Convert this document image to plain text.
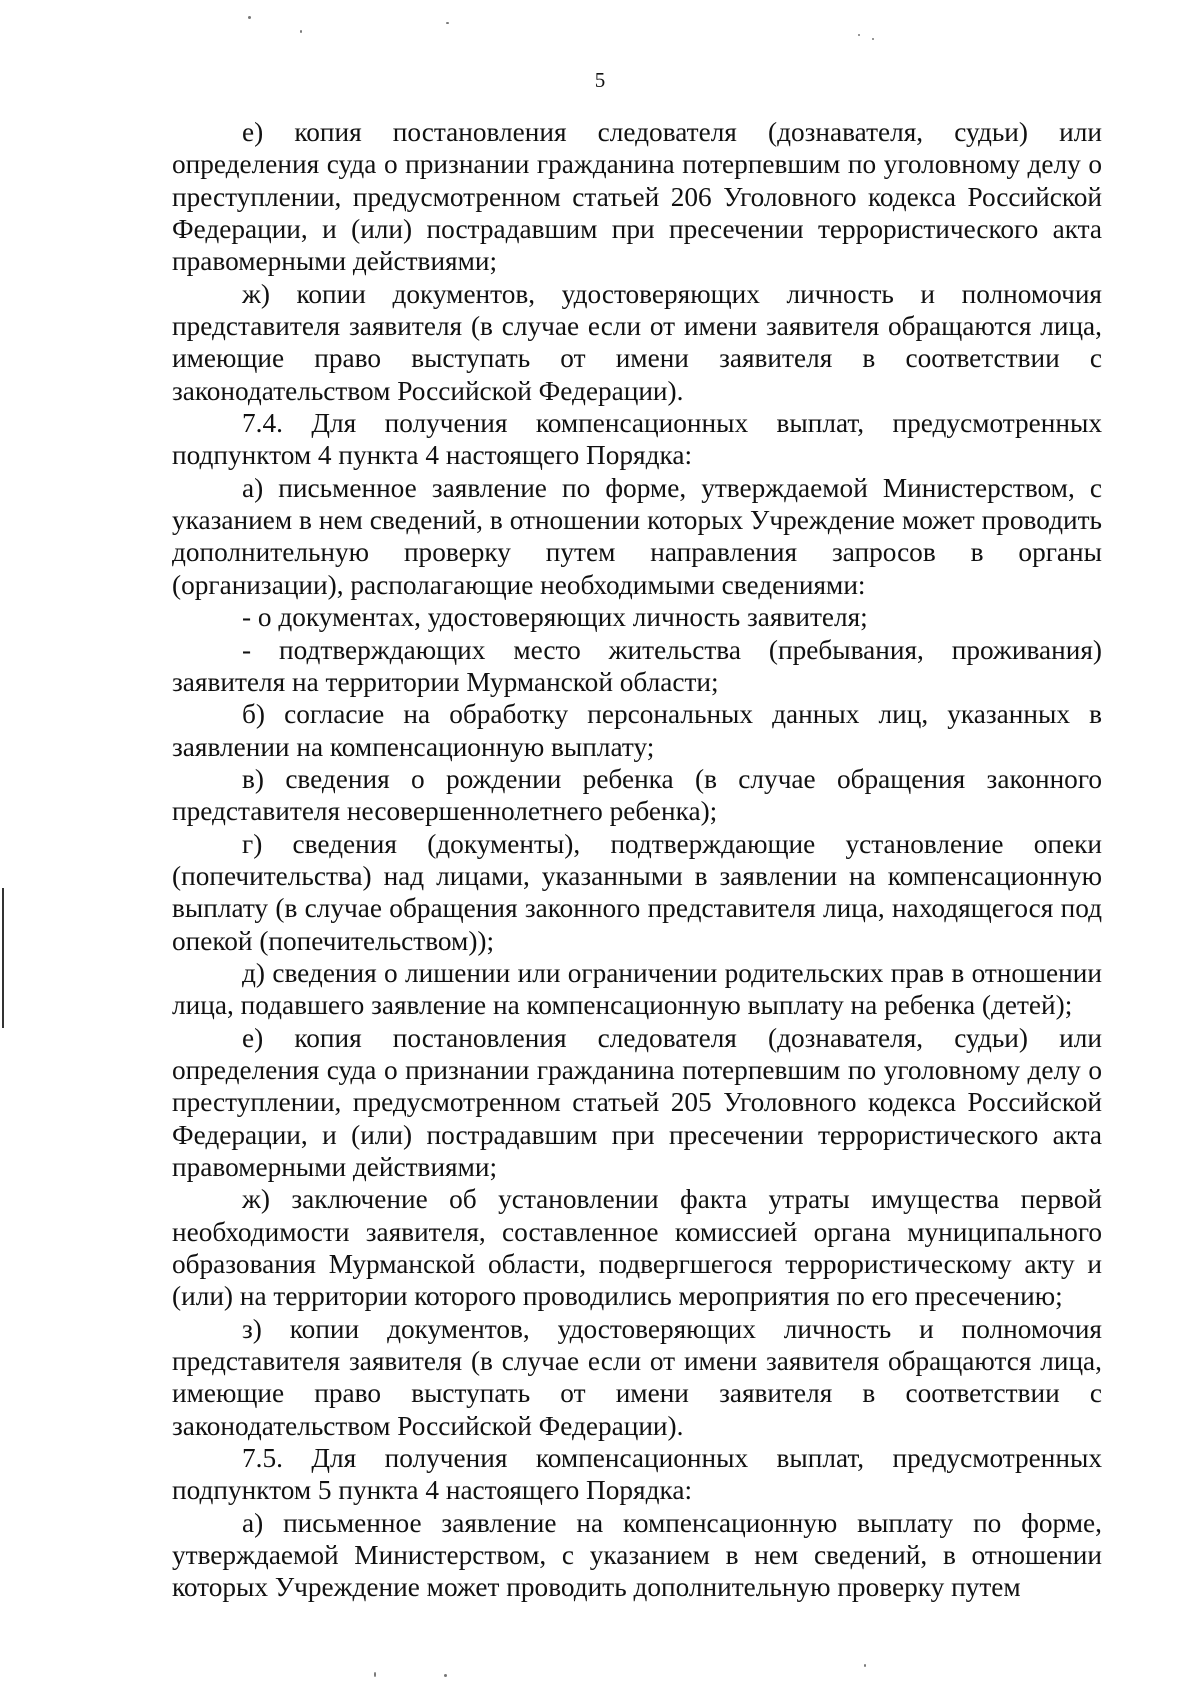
5

е) копия постановления следователя (дознавателя, судьи) или определения суда о признании гражданина потерпевшим по уголовному делу о преступлении, предусмотренном статьей 206 Уголовного кодекса Российской Федерации, и (или) пострадавшим при пресечении террористического акта правомерными действиями;

ж) копии документов, удостоверяющих личность и полномочия представителя заявителя (в случае если от имени заявителя обращаются лица, имеющие право выступать от имени заявителя в соответствии с законодательством Российской Федерации).

7.4. Для получения компенсационных выплат, предусмотренных подпунктом 4 пункта 4 настоящего Порядка:

а) письменное заявление по форме, утверждаемой Министерством, с указанием в нем сведений, в отношении которых Учреждение может проводить дополнительную проверку путем направления запросов в органы (организации), располагающие необходимыми сведениями:

- о документах, удостоверяющих личность заявителя;

- подтверждающих место жительства (пребывания, проживания) заявителя на территории Мурманской области;

б) согласие на обработку персональных данных лиц, указанных в заявлении на компенсационную выплату;

в) сведения о рождении ребенка (в случае обращения законного представителя несовершеннолетнего ребенка);

г) сведения (документы), подтверждающие установление опеки (попечительства) над лицами, указанными в заявлении на компенсационную выплату (в случае обращения законного представителя лица, находящегося под опекой (попечительством));

д) сведения о лишении или ограничении родительских прав в отношении лица, подавшего заявление на компенсационную выплату на ребенка (детей);

е) копия постановления следователя (дознавателя, судьи) или определения суда о признании гражданина потерпевшим по уголовному делу о преступлении, предусмотренном статьей 205 Уголовного кодекса Российской Федерации, и (или) пострадавшим при пресечении террористического акта правомерными действиями;

ж) заключение об установлении факта утраты имущества первой необходимости заявителя, составленное комиссией органа муниципального образования Мурманской области, подвергшегося террористическому акту и (или) на территории которого проводились мероприятия по его пресечению;

з) копии документов, удостоверяющих личность и полномочия представителя заявителя (в случае если от имени заявителя обращаются лица, имеющие право выступать от имени заявителя в соответствии с законодательством Российской Федерации).

7.5. Для получения компенсационных выплат, предусмотренных подпунктом 5 пункта 4 настоящего Порядка:

а) письменное заявление на компенсационную выплату по форме, утверждаемой Министерством, с указанием в нем сведений, в отношении которых Учреждение может проводить дополнительную проверку путем
